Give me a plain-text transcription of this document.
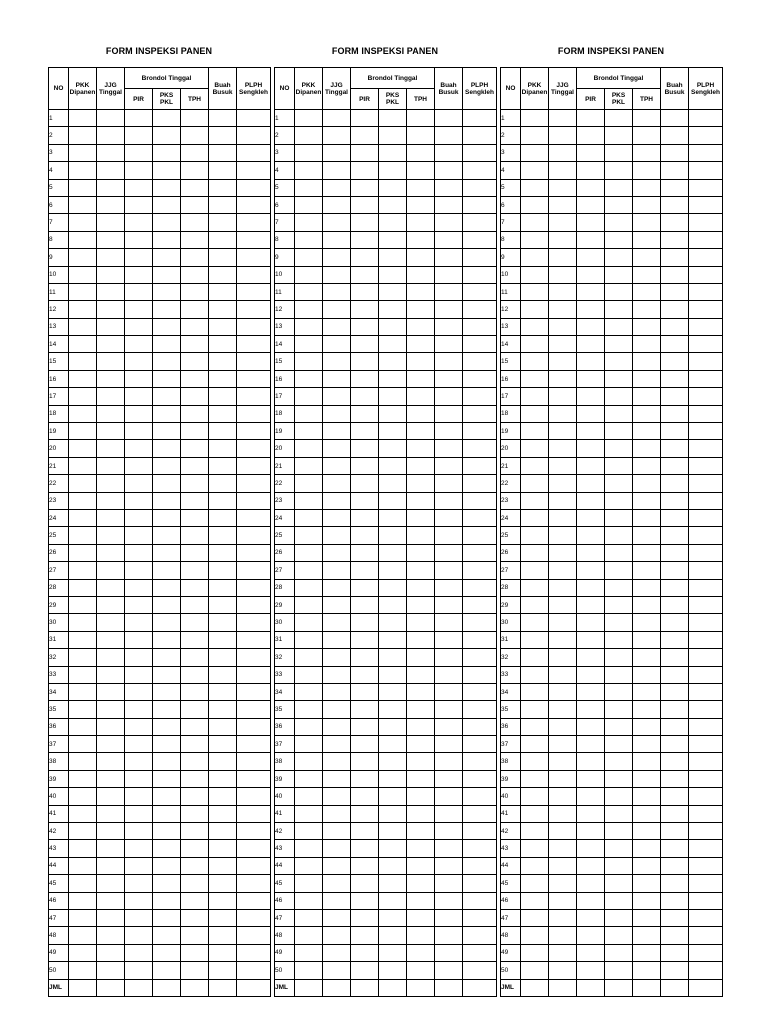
FORM INSPEKSI PANEN
NO	PKK Dipanen	JJG Tinggal	Brondol Tinggal			Buah Busuk	PLPH Sengkleh
			PIR	PKS PKL	TPH		
1							
2							
3							
4							
5							
6							
7							
8							
9							
10							
11							
12							
13							
14							
15							
16							
17							
18							
19							
20							
21							
22							
23							
24							
25							
26							
27							
28							
29							
30							
31							
32							
33							
34							
35							
36							
37							
38							
39							
40							
41							
42							
43							
44							
45							
46							
47							
48							
49							
50							
JML							
FORM INSPEKSI PANEN
NO	PKK Dipanen	JJG Tinggal	Brondol Tinggal			Buah Busuk	PLPH Sengkleh
			PIR	PKS PKL	TPH		
1							
2							
3							
4							
5							
6							
7							
8							
9							
10							
11							
12							
13							
14							
15							
16							
17							
18							
19							
20							
21							
22							
23							
24							
25							
26							
27							
28							
29							
30							
31							
32							
33							
34							
35							
36							
37							
38							
39							
40							
41							
42							
43							
44							
45							
46							
47							
48							
49							
50							
JML							
FORM INSPEKSI PANEN
NO	PKK Dipanen	JJG Tinggal	Brondol Tinggal			Buah Busuk	PLPH Sengkleh
			PIR	PKS PKL	TPH		
1							
2							
3							
4							
5							
6							
7							
8							
9							
10							
11							
12							
13							
14							
15							
16							
17							
18							
19							
20							
21							
22							
23							
24							
25							
26							
27							
28							
29							
30							
31							
32							
33							
34							
35							
36							
37							
38							
39							
40							
41							
42							
43							
44							
45							
46							
47							
48							
49							
50							
JML							
